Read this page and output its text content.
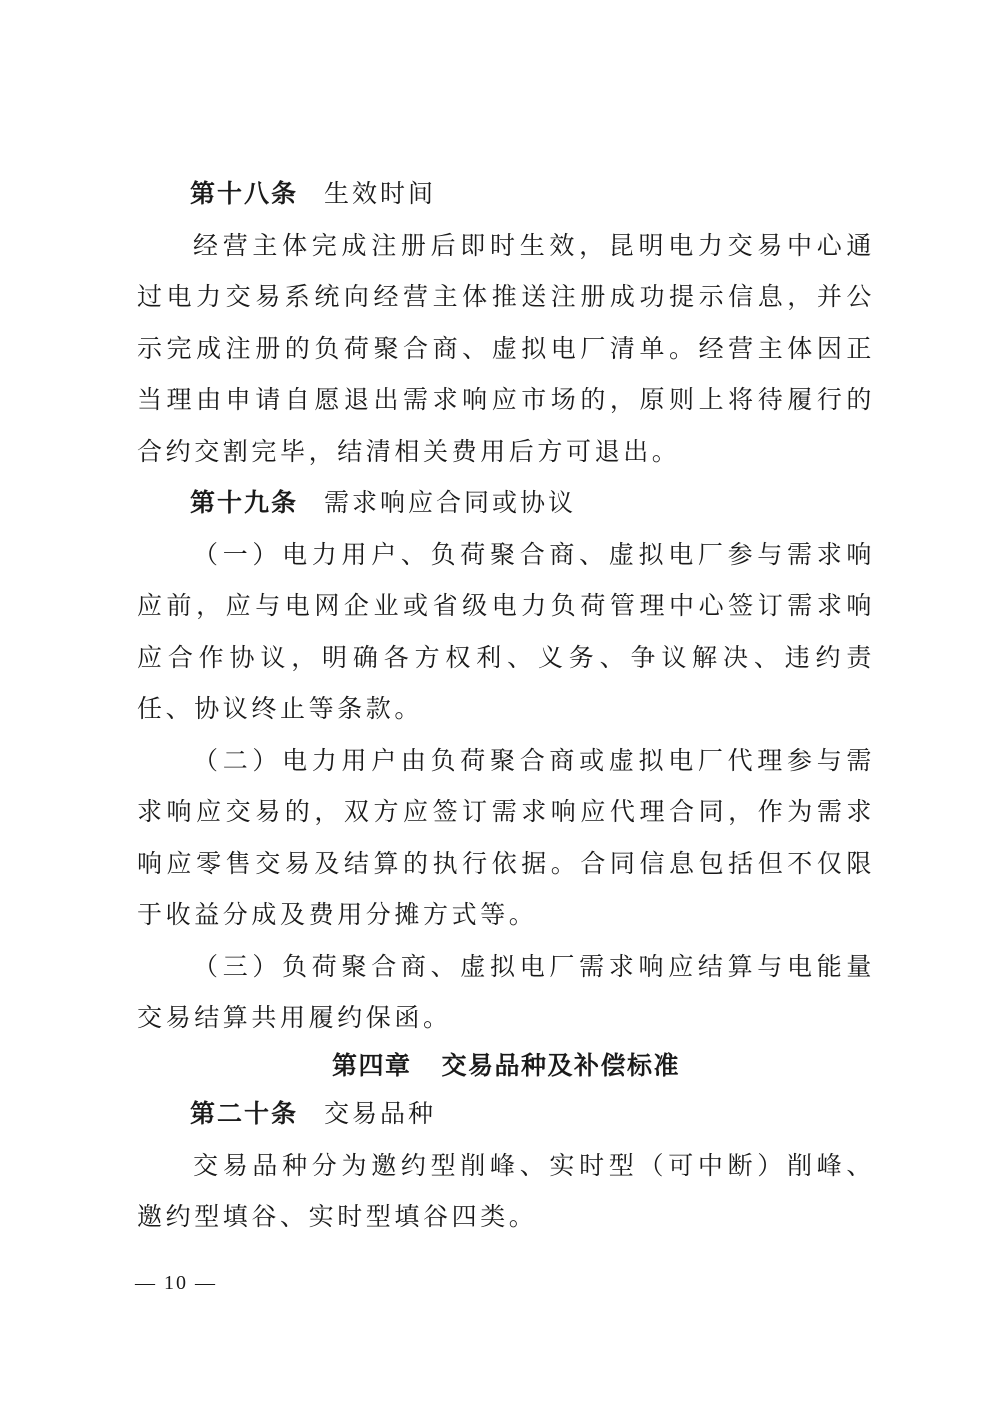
第十八条 生效时间

经营主体完成注册后即时生效，昆明电力交易中心通过电力交易系统向经营主体推送注册成功提示信息，并公示完成注册的负荷聚合商、虚拟电厂清单。经营主体因正当理由申请自愿退出需求响应市场的，原则上将待履行的合约交割完毕，结清相关费用后方可退出。

第十九条 需求响应合同或协议

（一）电力用户、负荷聚合商、虚拟电厂参与需求响应前，应与电网企业或省级电力负荷管理中心签订需求响应合作协议，明确各方权利、义务、争议解决、违约责任、协议终止等条款。

（二）电力用户由负荷聚合商或虚拟电厂代理参与需求响应交易的，双方应签订需求响应代理合同，作为需求响应零售交易及结算的执行依据。合同信息包括但不仅限于收益分成及费用分摊方式等。

（三）负荷聚合商、虚拟电厂需求响应结算与电能量交易结算共用履约保函。

第四章 交易品种及补偿标准

第二十条 交易品种

交易品种分为邀约型削峰、实时型（可中断）削峰、邀约型填谷、实时型填谷四类。

— 10 —
